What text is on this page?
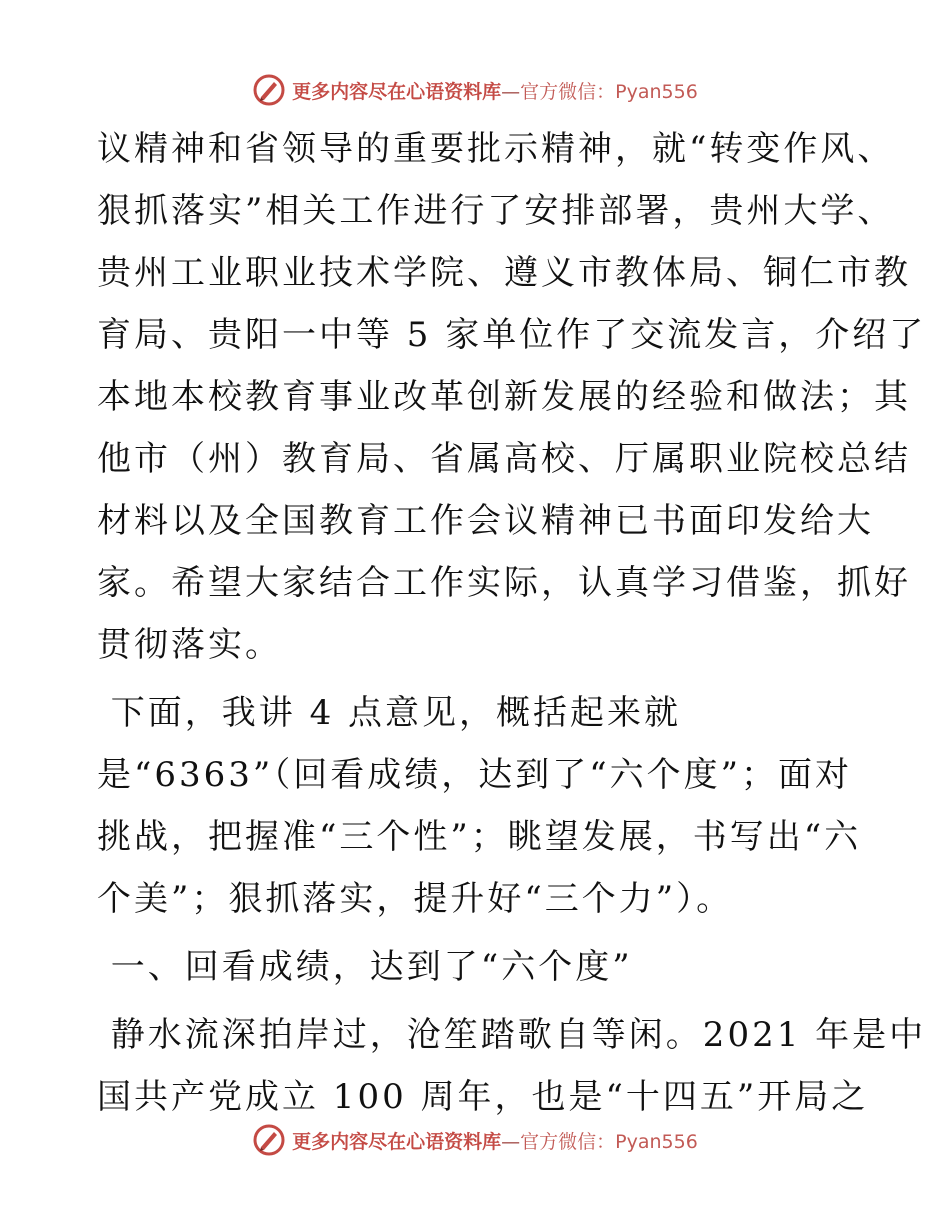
更多内容尽在心语资料库—官方微信：Pyan556
议精神和省领导的重要批示精神，就“转变作风、
狠抓落实”相关工作进行了安排部署，贵州大学、
贵州工业职业技术学院、遵义市教体局、铜仁市教
育局、贵阳一中等 5 家单位作了交流发言，介绍了
本地本校教育事业改革创新发展的经验和做法；其
他市（州）教育局、省属高校、厅属职业院校总结
材料以及全国教育工作会议精神已书面印发给大
家。希望大家结合工作实际，认真学习借鉴，抓好
贯彻落实。
下面，我讲 4 点意见，概括起来就
是“6363”（回看成绩，达到了“六个度”；面对
挑战，把握准“三个性”；眺望发展，书写出“六
个美”；狠抓落实，提升好“三个力”）。
一、回看成绩，达到了“六个度”
静水流深拍岸过，沧笙踏歌自等闲。2021 年是中
国共产党成立 100 周年，也是“十四五”开局之
更多内容尽在心语资料库—官方微信：Pyan556
